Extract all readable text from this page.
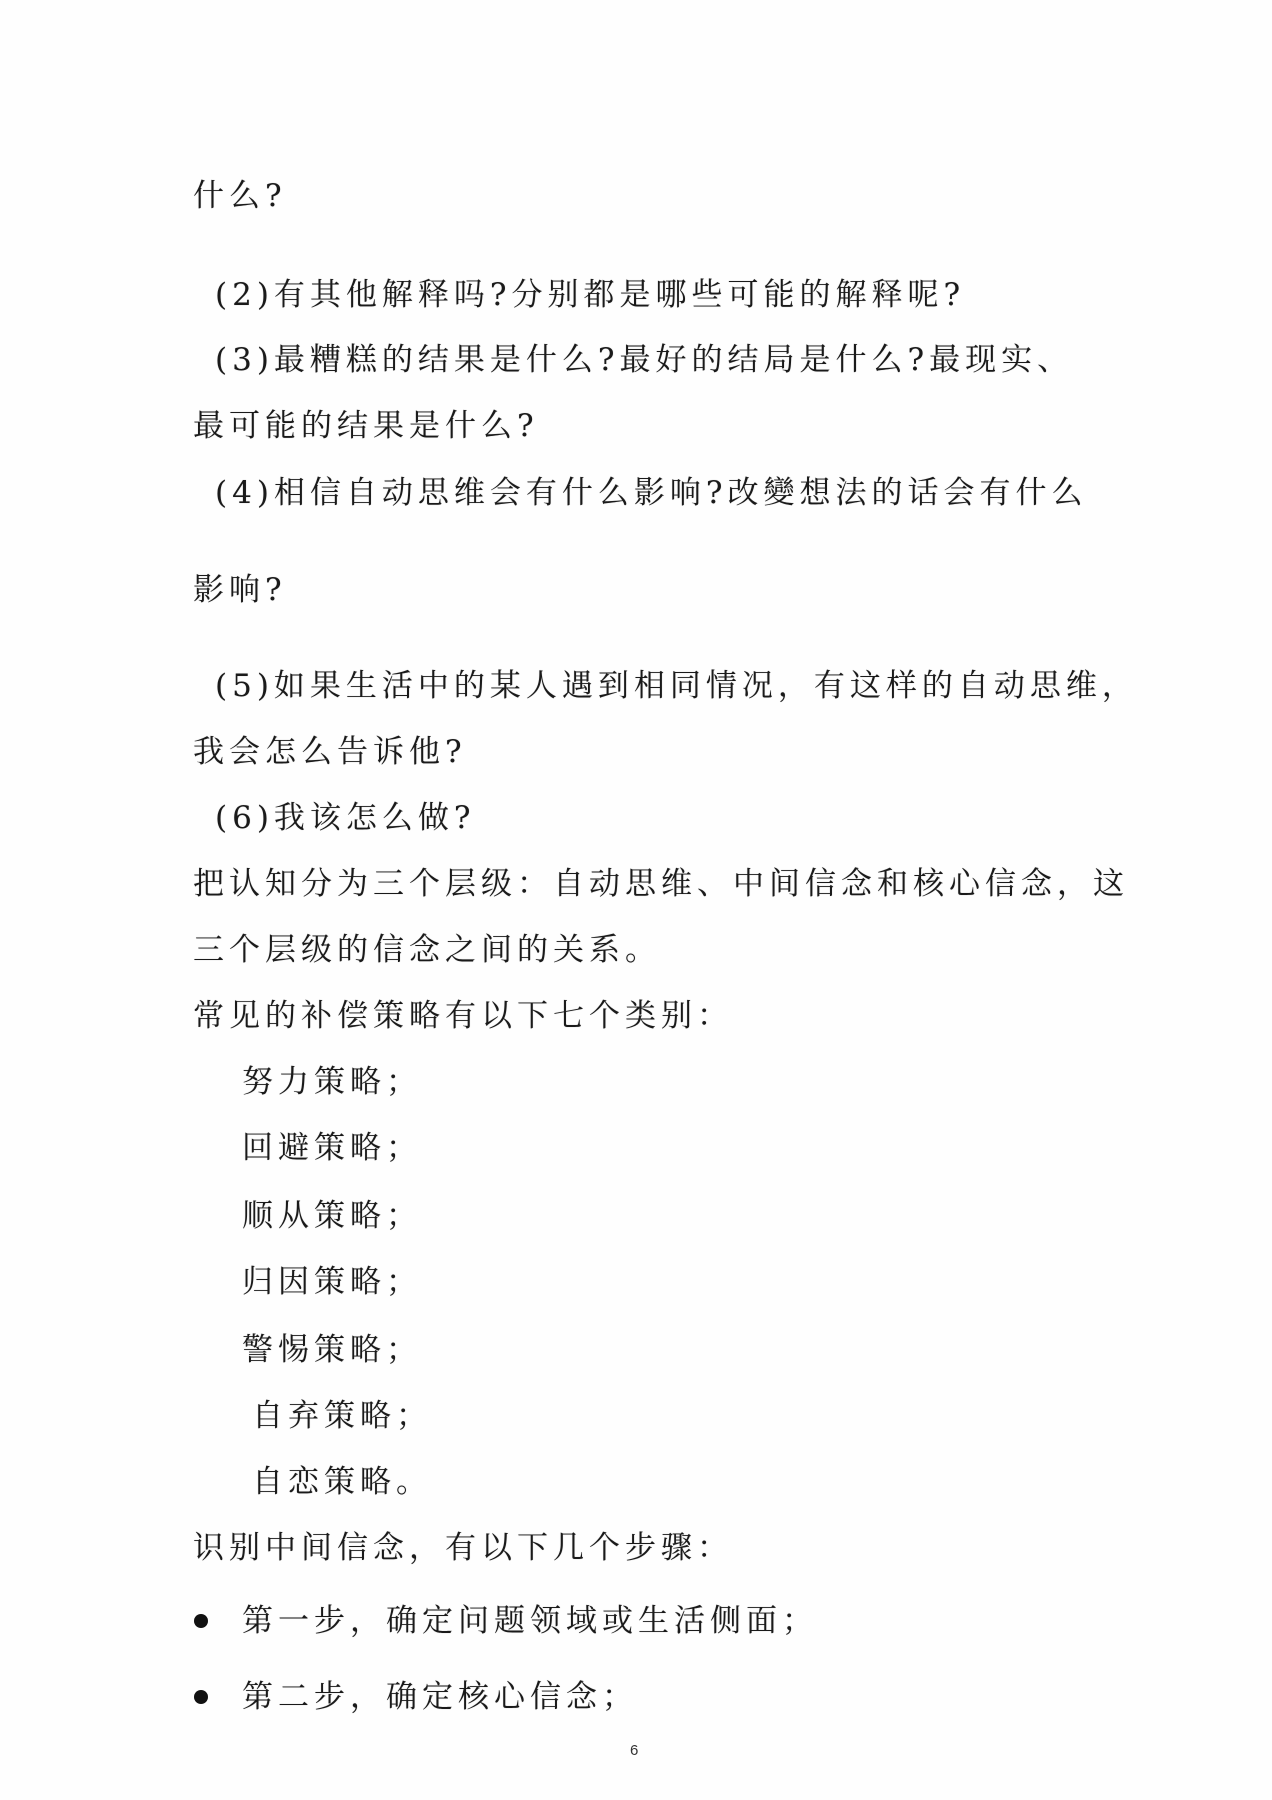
什么?
(2)有其他解释吗?分别都是哪些可能的解释呢?
(3)最糟糕的结果是什么?最好的结局是什么?最现实、
最可能的结果是什么?
(4)相信自动思维会有什么影响?改變想法的话会有什么
影响?
(5)如果生活中的某人遇到相同情况，有这样的自动思维，
我会怎么告诉他?
(6)我该怎么做?
把认知分为三个层级：自动思维、中间信念和核心信念，这
三个层级的信念之间的关系。
常见的补偿策略有以下七个类别：
努力策略；
回避策略；
顺从策略；
归因策略；
警惕策略；
自弃策略；
自恋策略。
识别中间信念，有以下几个步骤：
第一步，确定问题领域或生活侧面；
第二步，确定核心信念；
6
